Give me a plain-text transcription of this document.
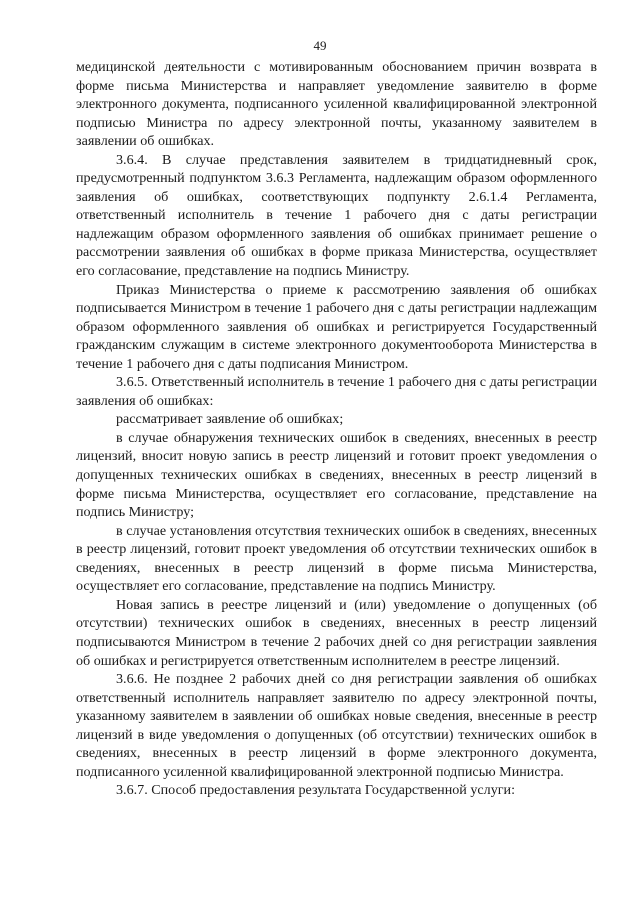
49

медицинской деятельности с мотивированным обоснованием причин возврата в форме письма Министерства и направляет уведомление заявителю в форме электронного документа, подписанного усиленной квалифицированной электронной подписью Министра по адресу электронной почты, указанному заявителем в заявлении об ошибках.

3.6.4. В случае представления заявителем в тридцатидневный срок, предусмотренный подпунктом 3.6.3 Регламента, надлежащим образом оформленного заявления об ошибках, соответствующих подпункту 2.6.1.4 Регламента, ответственный исполнитель в течение 1 рабочего дня с даты регистрации надлежащим образом оформленного заявления об ошибках принимает решение о рассмотрении заявления об ошибках в форме приказа Министерства, осуществляет его согласование, представление на подпись Министру.

Приказ Министерства о приеме к рассмотрению заявления об ошибках подписывается Министром в течение 1 рабочего дня с даты регистрации надлежащим образом оформленного заявления об ошибках и регистрируется Государственный гражданским служащим в системе электронного документооборота Министерства в течение 1 рабочего дня с даты подписания Министром.

3.6.5. Ответственный исполнитель в течение 1 рабочего дня с даты регистрации заявления об ошибках:

рассматривает заявление об ошибках;

в случае обнаружения технических ошибок в сведениях, внесенных в реестр лицензий, вносит новую запись в реестр лицензий и готовит проект уведомления о допущенных технических ошибках в сведениях, внесенных в реестр лицензий в форме письма Министерства, осуществляет его согласование, представление на подпись Министру;

в случае установления отсутствия технических ошибок в сведениях, внесенных в реестр лицензий, готовит проект уведомления об отсутствии технических ошибок в сведениях, внесенных в реестр лицензий в форме письма Министерства, осуществляет его согласование, представление на подпись Министру.

Новая запись в реестре лицензий и (или) уведомление о допущенных (об отсутствии) технических ошибок в сведениях, внесенных в реестр лицензий подписываются Министром в течение 2 рабочих дней со дня регистрации заявления об ошибках и регистрируется ответственным исполнителем в реестре лицензий.

3.6.6. Не позднее 2 рабочих дней со дня регистрации заявления об ошибках ответственный исполнитель направляет заявителю по адресу электронной почты, указанному заявителем в заявлении об ошибках новые сведения, внесенные в реестр лицензий в виде уведомления о допущенных (об отсутствии) технических ошибок в сведениях, внесенных в реестр лицензий в форме электронного документа, подписанного усиленной квалифицированной электронной подписью Министра.

3.6.7. Способ предоставления результата Государственной услуги:
